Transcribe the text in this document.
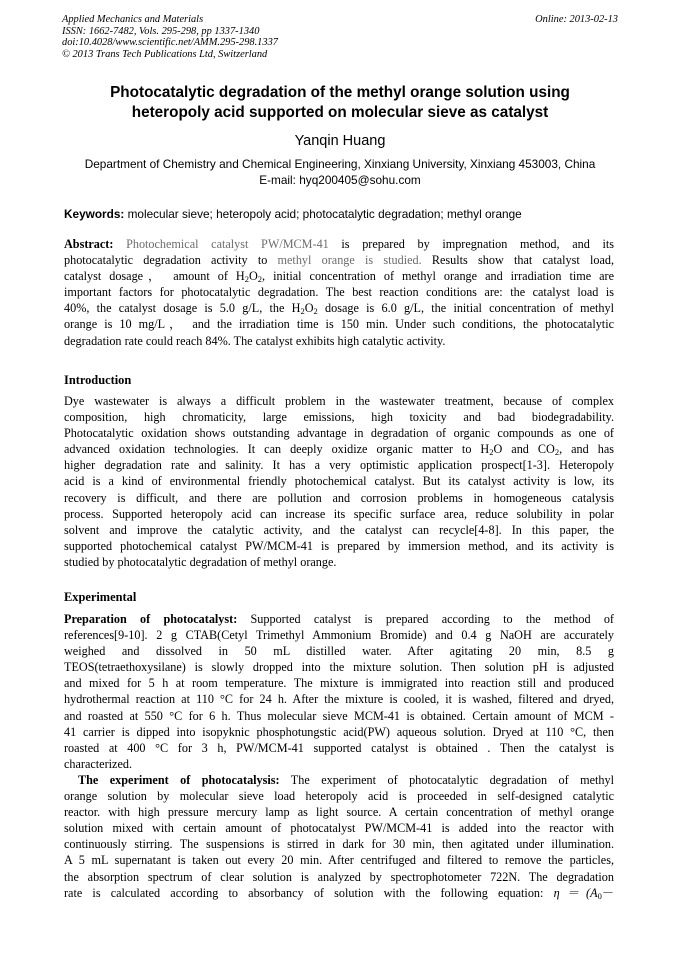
Applied Mechanics and Materials
ISSN: 1662-7482, Vols. 295-298, pp 1337-1340
doi:10.4028/www.scientific.net/AMM.295-298.1337
© 2013 Trans Tech Publications Ltd, Switzerland
Online: 2013-02-13
Photocatalytic degradation of the methyl orange solution using
heteropoly acid supported on molecular sieve as catalyst
Yanqin Huang
Department of Chemistry and Chemical Engineering, Xinxiang University, Xinxiang 453003, China
E-mail: hyq200405@sohu.com
Keywords: molecular sieve; heteropoly acid; photocatalytic degradation; methyl orange
Abstract: Photochemical catalyst PW/MCM-41 is prepared by impregnation method, and its
photocatalytic degradation activity to methyl orange is studied. Results show that catalyst load,
catalyst dosage， amount of $H_2O_2$, initial concentration of methyl orange and irradiation time are
important factors for photocatalytic degradation. The best reaction conditions are: the catalyst load is
40%, the catalyst dosage is 5.0 g/L, the $H_2O_2$ dosage is 6.0 g/L, the initial concentration of methyl
orange is 10 mg/L， and the irradiation time is 150 min. Under such conditions, the photocatalytic
degradation rate could reach 84%. The catalyst exhibits high catalytic activity.
Introduction
Dye wastewater is always a difficult problem in the wastewater treatment, because of complex
composition, high chromaticity, large emissions, high toxicity and bad biodegradability.
Photocatalytic oxidation shows outstanding advantage in degradation of organic compounds as one of
advanced oxidation technologies. It can deeply oxidize organic matter to $H_2O$ and $CO_2$, and has
higher degradation rate and salinity. It has a very optimistic application prospect[1-3]. Heteropoly
acid is a kind of environmental friendly photochemical catalyst. But its catalyst activity is low, its
recovery is difficult, and there are pollution and corrosion problems in homogeneous catalysis
process. Supported heteropoly acid can increase its specific surface area, reduce solubility in polar
solvent and improve the catalytic activity, and the catalyst can recycle[4-8]. In this paper, the
supported photochemical catalyst PW/MCM-41 is prepared by immersion method, and its activity is
studied by photocatalytic degradation of methyl orange.
Experimental
Preparation of photocatalyst: Supported catalyst is prepared according to the method of
references[9-10]. 2 g CTAB(Cetyl Trimethyl Ammonium Bromide) and 0.4 g NaOH are accurately
weighed and dissolved in 50 mL distilled water. After agitating 20 min, 8.5 g
TEOS(tetraethoxysilane) is slowly dropped into the mixture solution. Then solution pH is adjusted
and mixed for 5 h at room temperature. The mixture is immigrated into reaction still and produced
hydrothermal reaction at 110 °C for 24 h. After the mixture is cooled, it is washed, filtered and dryed,
and roasted at 550 °C for 6 h. Thus molecular sieve MCM-41 is obtained. Certain amount of MCM -
41 carrier is dipped into isopyknic phosphotungstic acid(PW) aqueous solution. Dryed at 110 °C, then
roasted at 400 °C for 3 h, PW/MCM-41 supported catalyst is obtained . Then the catalyst is
characterized.
The experiment of photocatalysis: The experiment of photocatalytic degradation of methyl
orange solution by molecular sieve load heteropoly acid is proceeded in self-designed catalytic
reactor. with high pressure mercury lamp as light source. A certain concentration of methyl orange
solution mixed with certain amount of photocatalyst PW/MCM-41 is added into the reactor with
continuously stirring. The suspensions is stirred in dark for 30 min, then agitated under illumination.
A 5 mL supernatant is taken out every 20 min. After centrifuged and filtered to remove the particles,
the absorption spectrum of clear solution is analyzed by spectrophotometer 722N. The degradation
rate is calculated according to absorbancy of solution with the following equation: $\eta=(A_0-$
